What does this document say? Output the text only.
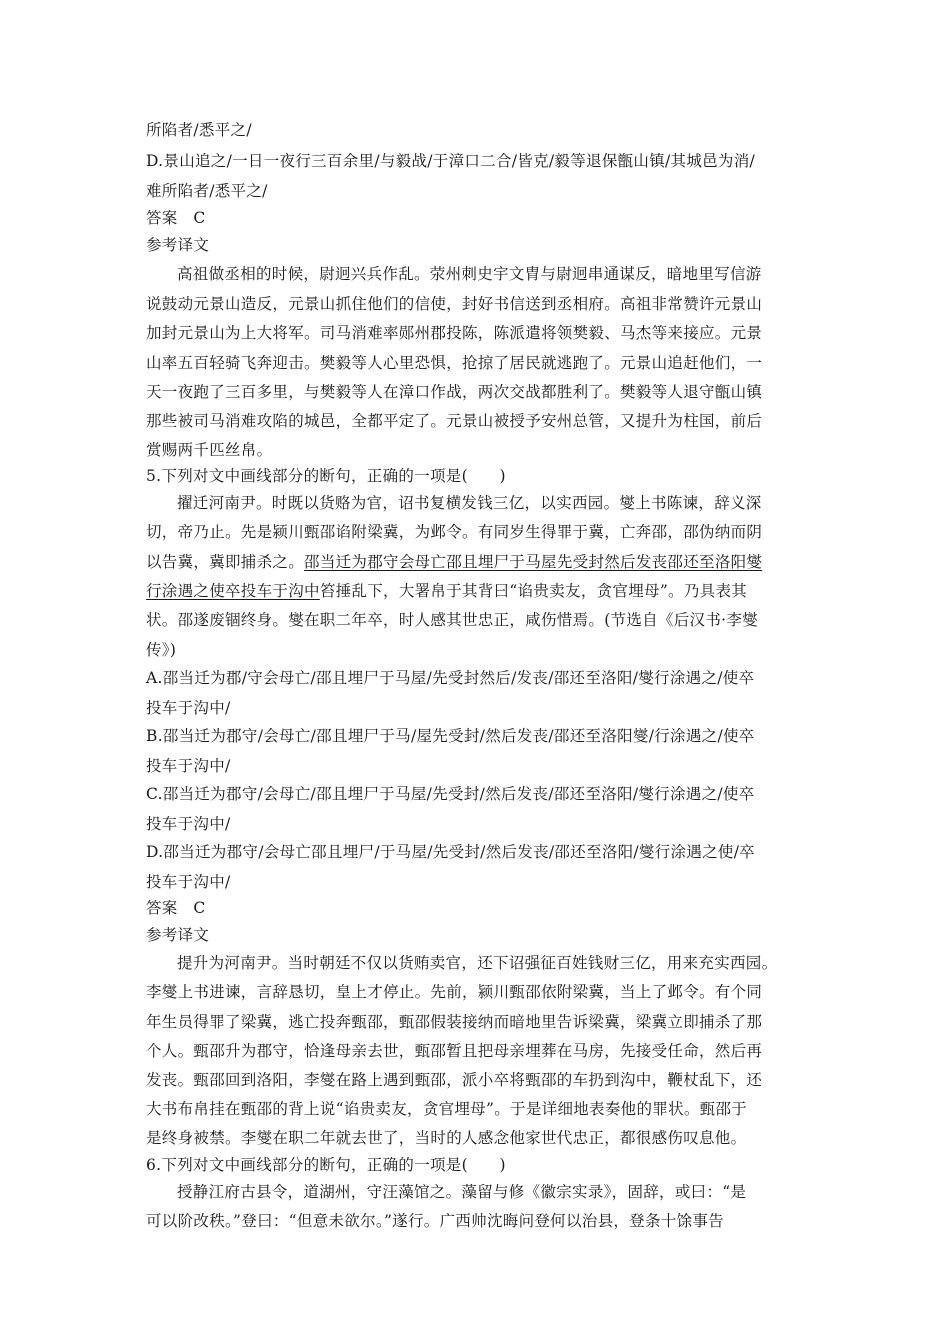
所陷者/悉平之/
D.景山追之/一日一夜行三百余里/与毅战/于漳口二合/皆克/毅等退保甑山镇/其城邑为消/
难所陷者/悉平之/
答案　C
参考译文
高祖做丞相的时候，尉迥兴兵作乱。荥州刺史宇文胄与尉迥串通谋反，暗地里写信游
说鼓动元景山造反，元景山抓住他们的信使，封好书信送到丞相府。高祖非常赞许元景山
加封元景山为上大将军。司马消难率郧州郡投陈，陈派遣将领樊毅、马杰等来接应。元景
山率五百轻骑飞奔迎击。樊毅等人心里恐惧，抢掠了居民就逃跑了。元景山追赶他们，一
天一夜跑了三百多里，与樊毅等人在漳口作战，两次交战都胜利了。樊毅等人退守甑山镇
那些被司马消难攻陷的城邑，全都平定了。元景山被授予安州总管，又提升为柱国，前后
赏赐两千匹丝帛。
5.下列对文中画线部分的断句，正确的一项是(　　)
擢迁河南尹。时既以货赂为官，诏书复横发钱三亿，以实西园。燮上书陈谏，辞义深
切，帝乃止。先是颍川甄邵谄附梁冀，为邺令。有同岁生得罪于冀，亡奔邵，邵伪纳而阴
以告冀，冀即捕杀之。邵当迁为郡守会母亡邵且埋尸于马屋先受封然后发丧邵还至洛阳燮
行涂遇之使卒投车于沟中笞捶乱下，大署帛于其背曰“谄贵卖友，贪官埋母”。乃具表其
状。邵遂废锢终身。燮在职二年卒，时人感其世忠正，咸伤惜焉。(节选自《后汉书·李燮
传》)
A.邵当迁为郡/守会母亡/邵且埋尸于马屋/先受封然后/发丧/邵还至洛阳/燮行涂遇之/使卒
投车于沟中/
B.邵当迁为郡守/会母亡/邵且埋尸于马/屋先受封/然后发丧/邵还至洛阳燮/行涂遇之/使卒
投车于沟中/
C.邵当迁为郡守/会母亡/邵且埋尸于马屋/先受封/然后发丧/邵还至洛阳/燮行涂遇之/使卒
投车于沟中/
D.邵当迁为郡守/会母亡邵且埋尸/于马屋/先受封/然后发丧/邵还至洛阳/燮行涂遇之使/卒
投车于沟中/
答案　C
参考译文
提升为河南尹。当时朝廷不仅以货贿卖官，还下诏强征百姓钱财三亿，用来充实西园。
李燮上书进谏，言辞恳切，皇上才停止。先前，颍川甄邵依附梁冀，当上了邺令。有个同
年生员得罪了梁冀，逃亡投奔甄邵，甄邵假装接纳而暗地里告诉梁冀，梁冀立即捕杀了那
个人。甄邵升为郡守，恰逢母亲去世，甄邵暂且把母亲埋葬在马房，先接受任命，然后再
发丧。甄邵回到洛阳，李燮在路上遇到甄邵，派小卒将甄邵的车扔到沟中，鞭杖乱下，还
大书布帛挂在甄邵的背上说“谄贵卖友，贪官埋母”。于是详细地表奏他的罪状。甄邵于
是终身被禁。李燮在职二年就去世了，当时的人感念他家世代忠正，都很感伤叹息他。
6.下列对文中画线部分的断句，正确的一项是(　　)
授静江府古县令，道湖州，守汪藻馆之。藻留与修《徽宗实录》，固辞，或曰：“是
可以阶改秩。”登曰：“但意未欲尔。”遂行。广西帅沈晦问登何以治县，登条十馀事告
